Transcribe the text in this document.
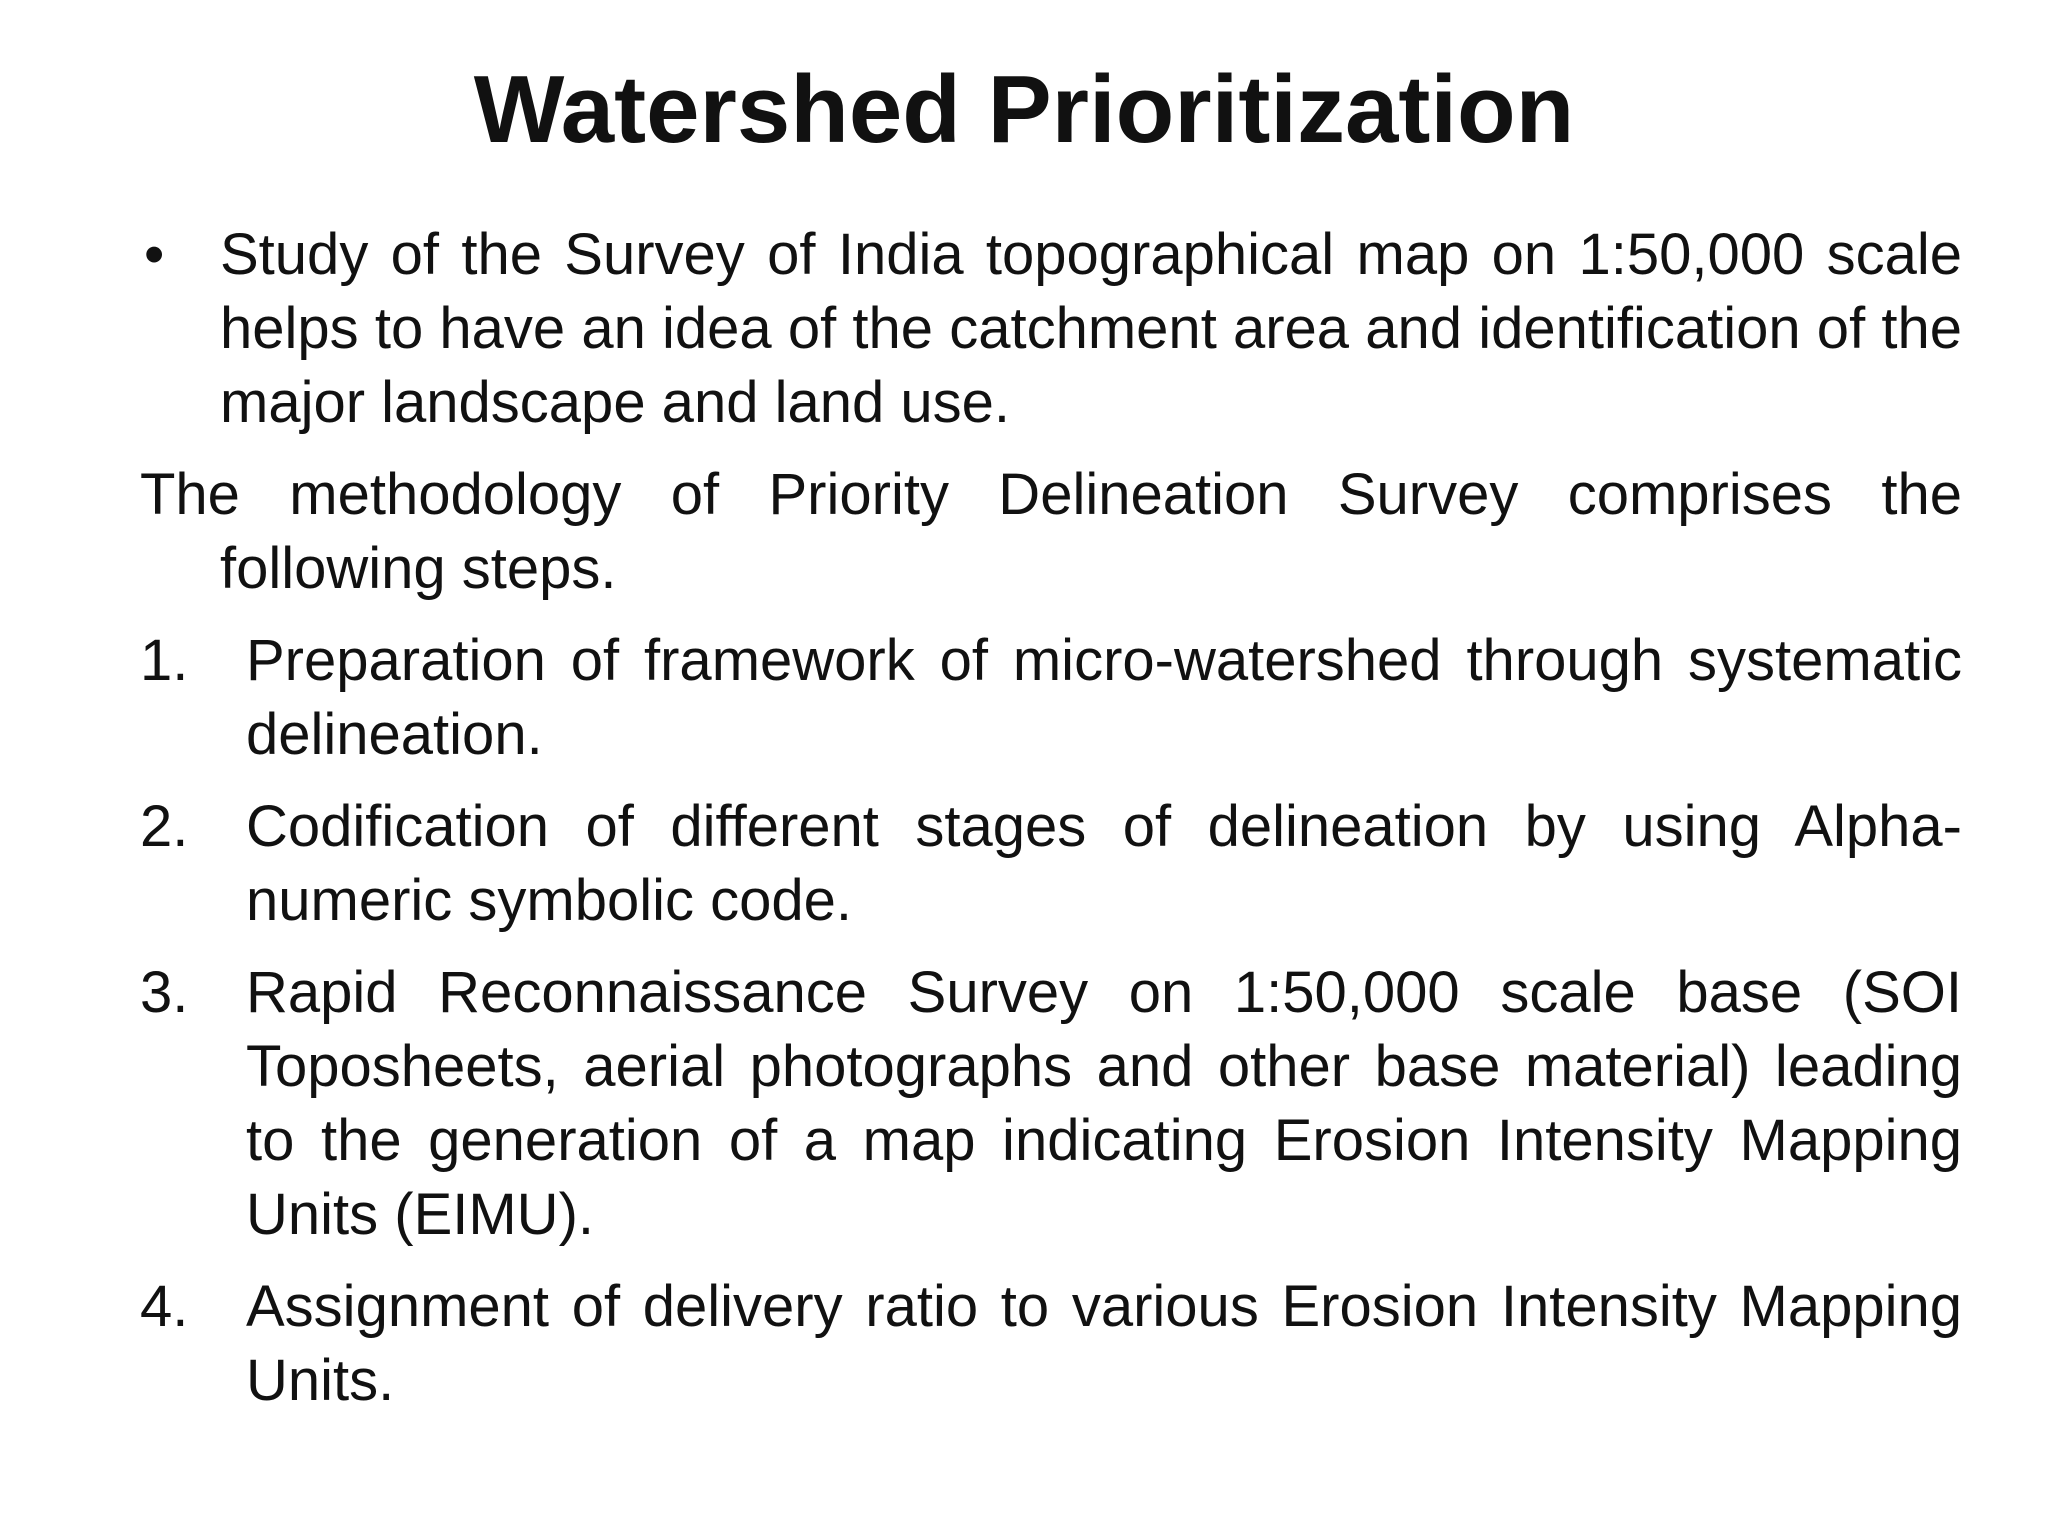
Watershed Prioritization
• Study of the Survey of India topographical map on 1:50,000 scale helps to have an idea of the catchment area and identification of the major landscape and land use.
The methodology of Priority Delineation Survey comprises the following steps.
1. Preparation of framework of micro-watershed through systematic delineation.
2. Codification of different stages of delineation by using Alpha-numeric symbolic code.
3. Rapid Reconnaissance Survey on 1:50,000 scale base (SOI Toposheets, aerial photographs and other base material) leading to the generation of a map indicating Erosion Intensity Mapping Units (EIMU).
4. Assignment of delivery ratio to various Erosion Intensity Mapping Units.
